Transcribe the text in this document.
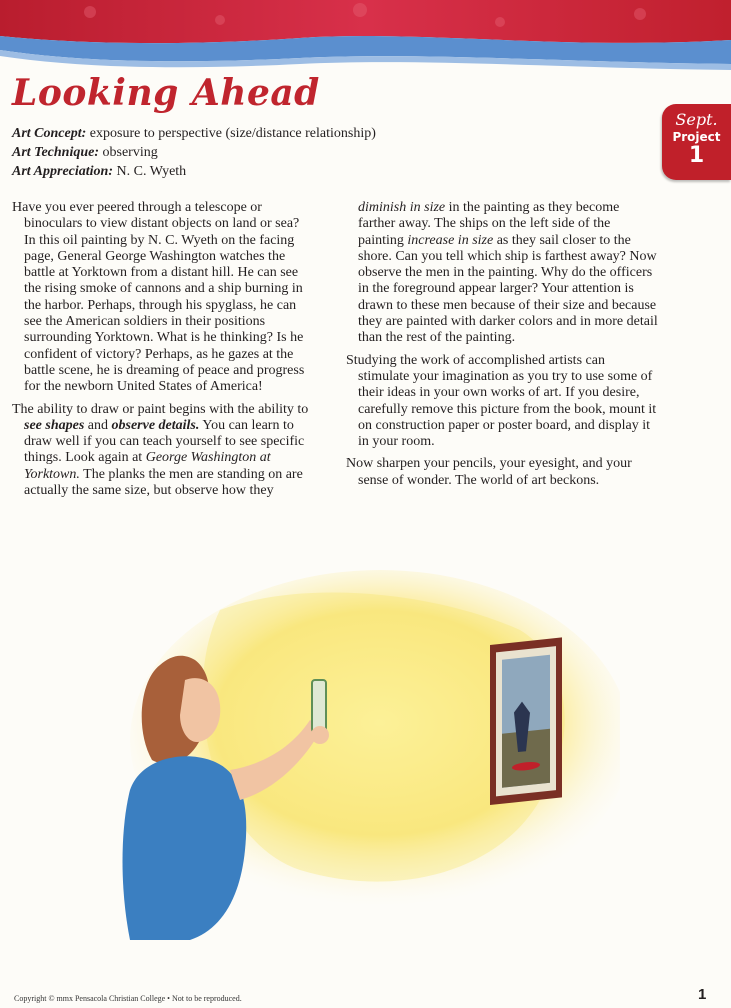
Looking Ahead
Art Concept: exposure to perspective (size/distance relationship)
Art Technique: observing
Art Appreciation: N. C. Wyeth
Sept.
Project
1

Have you ever peered through a telescope or binoculars to view distant objects on land or sea? In this oil painting by N. C. Wyeth on the facing page, General George Washington watches the battle at Yorktown from a distant hill. He can see the rising smoke of cannons and a ship burning in the harbor. Perhaps, through his spyglass, he can see the American soldiers in their positions surrounding Yorktown. What is he thinking? Is he confident of victory? Perhaps, as he gazes at the battle scene, he is dreaming of peace and progress for the newborn United States of America!

The ability to draw or paint begins with the ability to see shapes and observe details. You can learn to draw well if you can teach yourself to see specific things. Look again at George Washington at Yorktown. The planks the men are standing on are actually the same size, but observe how they

diminish in size in the painting as they become farther away. The ships on the left side of the painting increase in size as they sail closer to the shore. Can you tell which ship is farthest away? Now observe the men in the painting. Why do the officers in the foreground appear larger? Your attention is drawn to these men because of their size and because they are painted with darker colors and in more detail than the rest of the painting.

Studying the work of accomplished artists can stimulate your imagination as you try to use some of their ideas in your own works of art. If you desire, carefully remove this picture from the book, mount it on construction paper or poster board, and display it in your room.

Now sharpen your pencils, your eyesight, and your sense of wonder. The world of art beckons.

Copyright © mmx Pensacola Christian College • Not to be reproduced.	1
